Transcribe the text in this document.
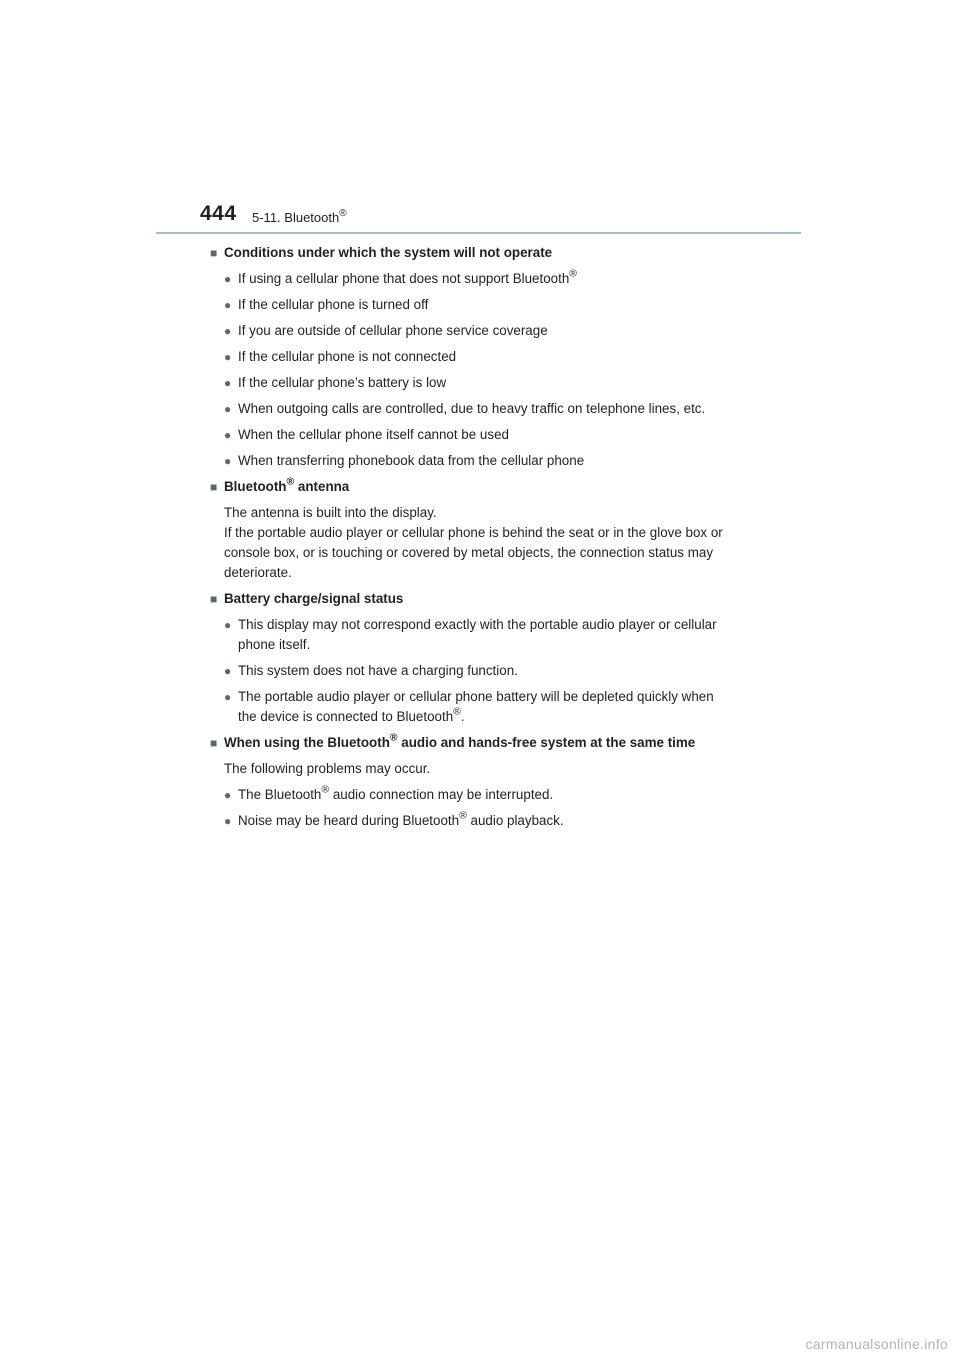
444 5-11. Bluetooth®
■ Conditions under which the system will not operate
● If using a cellular phone that does not support Bluetooth®
● If the cellular phone is turned off
● If you are outside of cellular phone service coverage
● If the cellular phone is not connected
● If the cellular phone’s battery is low
● When outgoing calls are controlled, due to heavy traffic on telephone lines, etc.
● When the cellular phone itself cannot be used
● When transferring phonebook data from the cellular phone
■ Bluetooth® antenna
The antenna is built into the display.
If the portable audio player or cellular phone is behind the seat or in the glove box or
console box, or is touching or covered by metal objects, the connection status may
deteriorate.
■ Battery charge/signal status
● This display may not correspond exactly with the portable audio player or cellular
phone itself.
● This system does not have a charging function.
● The portable audio player or cellular phone battery will be depleted quickly when
the device is connected to Bluetooth®.
■ When using the Bluetooth® audio and hands-free system at the same time
The following problems may occur.
● The Bluetooth® audio connection may be interrupted.
● Noise may be heard during Bluetooth® audio playback.
carmanualsonline.info
